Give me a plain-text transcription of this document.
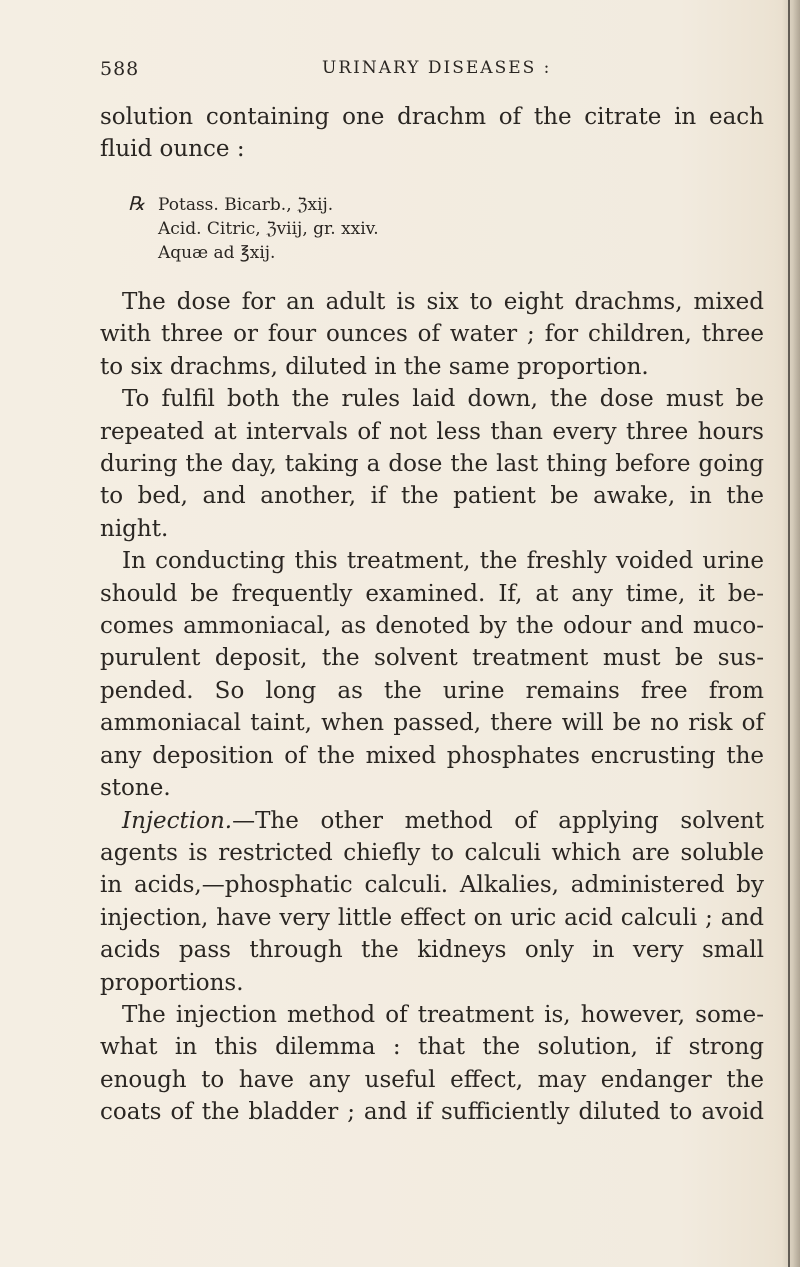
588	URINARY DISEASES :
solution containing one drachm of the citrate in each
fluid ounce :
℞ Potass. Bicarb., ℨxij.
Acid. Citric, ℨviij, gr. xxiv.
Aquæ ad ℥xij.

The dose for an adult is six to eight drachms, mixed with three or four ounces of water ; for children, three to six drachms, diluted in the same proportion.

To fulfil both the rules laid down, the dose must be repeated at intervals of not less than every three hours during the day, taking a dose the last thing before going to bed, and another, if the patient be awake, in the night.

In conducting this treatment, the freshly voided urine should be frequently examined. If, at any time, it be- comes ammoniacal, as denoted by the odour and muco- purulent deposit, the solvent treatment must be sus- pended. So long as the urine remains free from ammoniacal taint, when passed, there will be no risk of any deposition of the mixed phosphates encrusting the stone.

Injection.—The other method of applying solvent agents is restricted chiefly to calculi which are soluble in acids,—phosphatic calculi. Alkalies, administered by injection, have very little effect on uric acid calculi ; and acids pass through the kidneys only in very small proportions.

The injection method of treatment is, however, some- what in this dilemma : that the solution, if strong enough to have any useful effect, may endanger the coats of the bladder ; and if sufficiently diluted to avoid
